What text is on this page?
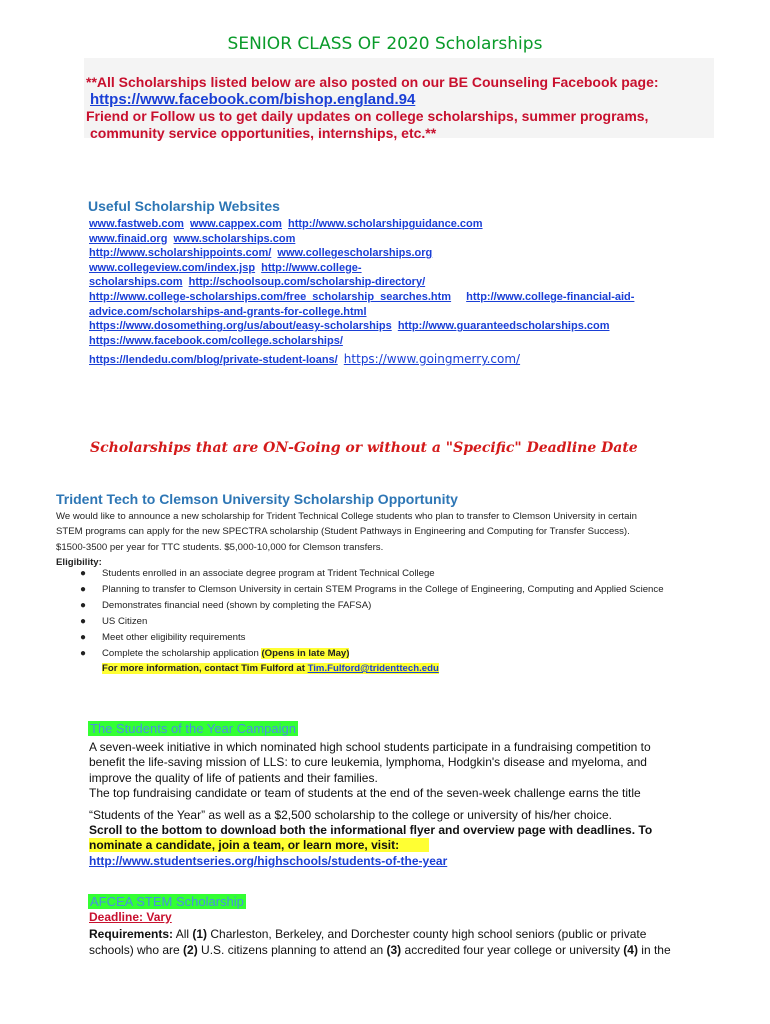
SENIOR CLASS OF 2020 Scholarships
**All Scholarships listed below are also posted on our BE Counseling Facebook page:
https://www.facebook.com/bishop.england.94
Friend or Follow us to get daily updates on college scholarships, summer programs,
community service opportunities, internships, etc.**
Useful Scholarship Websites
www.fastweb.com www.cappex.com http://www.scholarshipguidance.com
www.finaid.org www.scholarships.com
http://www.scholarshippoints.com/ www.collegescholarships.org
www.collegeview.com/index.jsp http://www.college-
scholarships.com http://schoolsoup.com/scholarship-directory/
http://www.college-scholarships.com/free_scholarship_searches.htm http://www.college-financial-aid-
advice.com/scholarships-and-grants-for-college.html
https://www.dosomething.org/us/about/easy-scholarships http://www.guaranteedscholarships.com
https://www.facebook.com/college.scholarships/
https://lendedu.com/blog/private-student-loans/ https://www.goingmerry.com/
Scholarships that are ON-Going or without a "Specific" Deadline Date
Trident Tech to Clemson University Scholarship Opportunity
We would like to announce a new scholarship for Trident Technical College students who plan to transfer to Clemson University in certain
STEM programs can apply for the new SPECTRA scholarship (Student Pathways in Engineering and Computing for Transfer Success).
$1500-3500 per year for TTC students. $5,000-10,000 for Clemson transfers.
Eligibility:
● Students enrolled in an associate degree program at Trident Technical College
● Planning to transfer to Clemson University in certain STEM Programs in the College of Engineering, Computing and Applied Science
● Demonstrates financial need (shown by completing the FAFSA)
● US Citizen
● Meet other eligibility requirements
● Complete the scholarship application (Opens in late May)
For more information, contact Tim Fulford at Tim.Fulford@tridenttech.edu
The Students of the Year Campaign
A seven-week initiative in which nominated high school students participate in a fundraising competition to
benefit the life-saving mission of LLS: to cure leukemia, lymphoma, Hodgkin's disease and myeloma, and
improve the quality of life of patients and their families.
The top fundraising candidate or team of students at the end of the seven-week challenge earns the title
“Students of the Year” as well as a $2,500 scholarship to the college or university of his/her choice.
Scroll to the bottom to download both the informational flyer and overview page with deadlines. To
nominate a candidate, join a team, or learn more, visit:
http://www.studentseries.org/highschools/students-of-the-year
AFCEA STEM Scholarship
Deadline: Vary
Requirements: All (1) Charleston, Berkeley, and Dorchester county high school seniors (public or private
schools) who are (2) U.S. citizens planning to attend an (3) accredited four year college or university (4) in the
